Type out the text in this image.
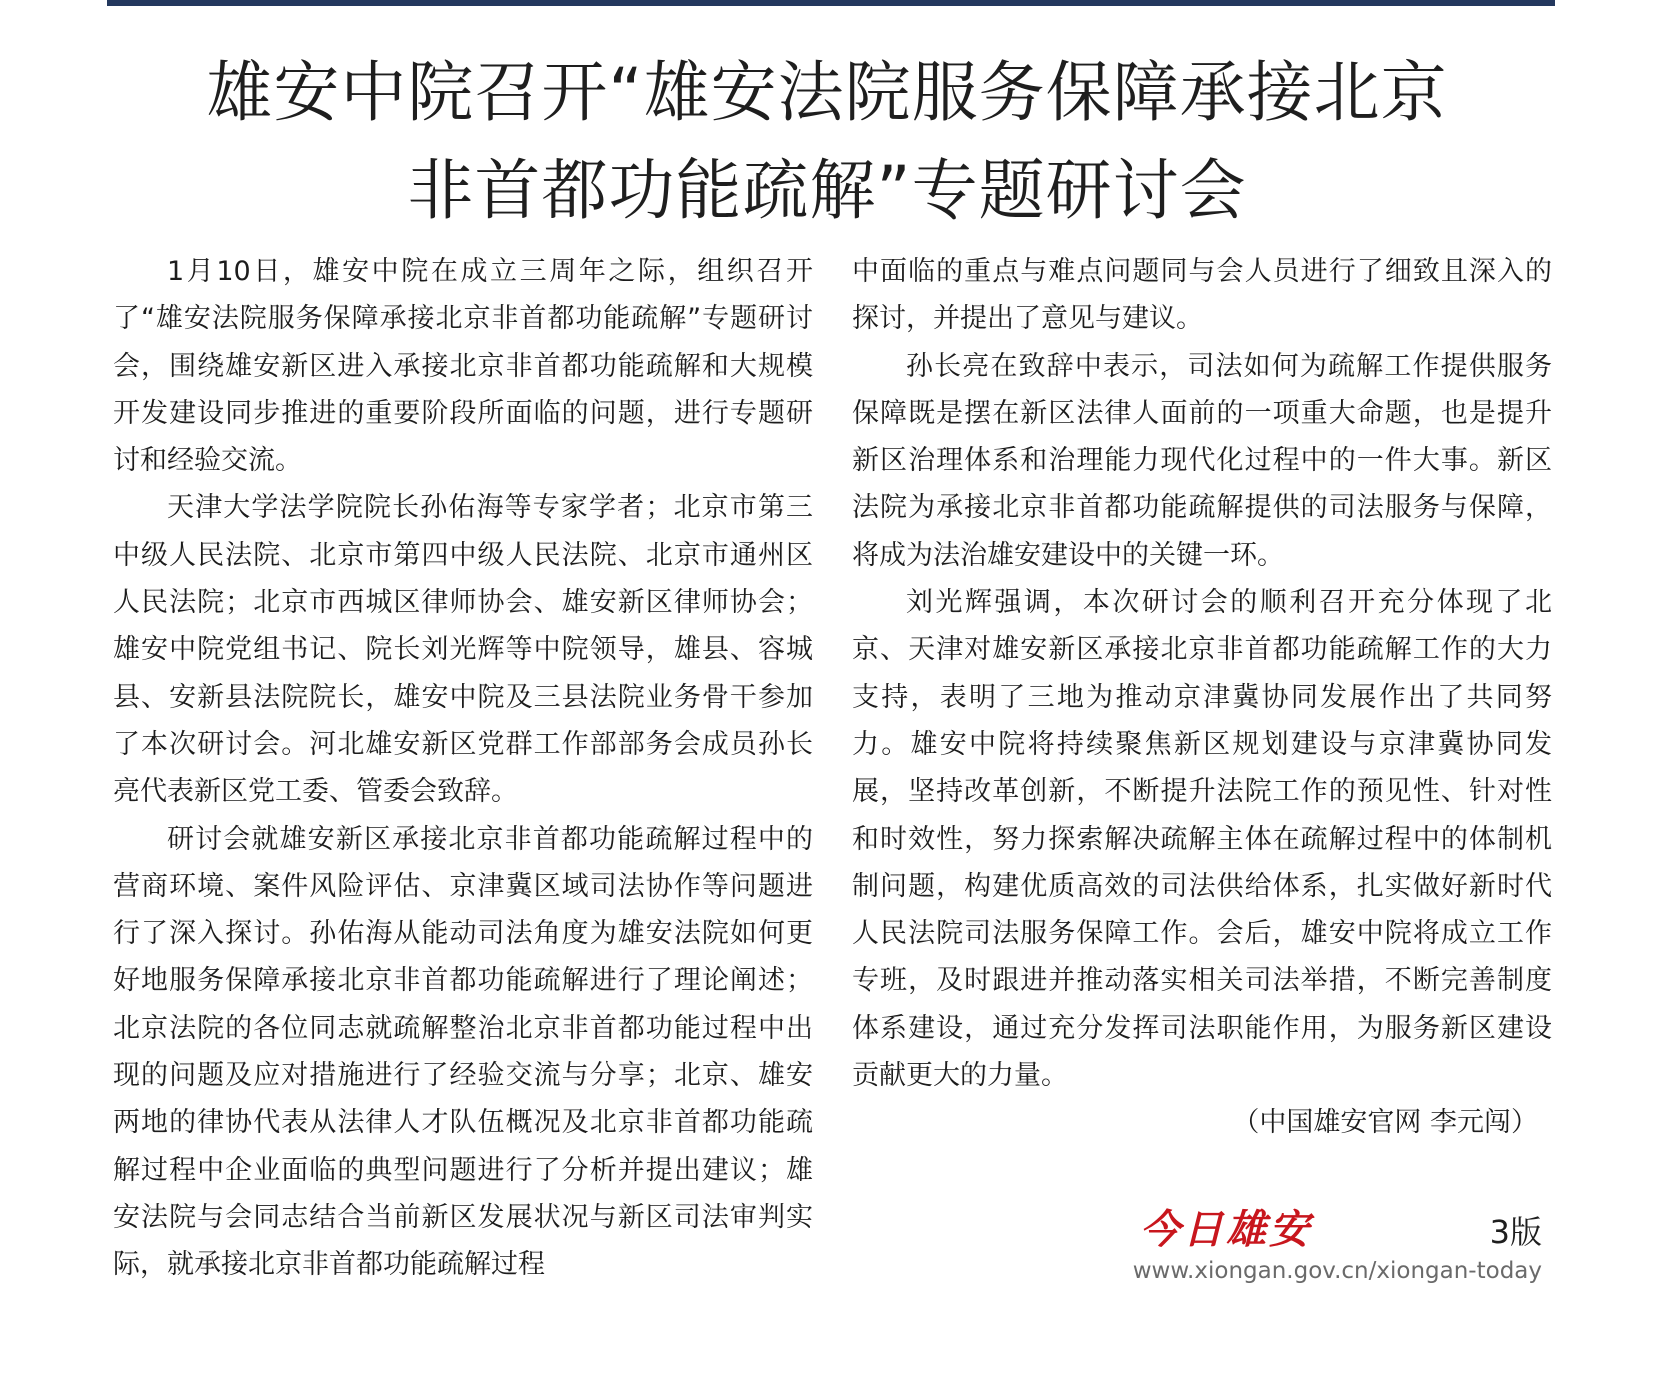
雄安中院召开“雄安法院服务保障承接北京
非首都功能疏解”专题研讨会

1月10日，雄安中院在成立三周年之际，组织召开了“雄安法院服务保障承接北京非首都功能疏解”专题研讨会，围绕雄安新区进入承接北京非首都功能疏解和大规模开发建设同步推进的重要阶段所面临的问题，进行专题研讨和经验交流。

天津大学法学院院长孙佑海等专家学者；北京市第三中级人民法院、北京市第四中级人民法院、北京市通州区人民法院；北京市西城区律师协会、雄安新区律师协会；雄安中院党组书记、院长刘光辉等中院领导，雄县、容城县、安新县法院院长，雄安中院及三县法院业务骨干参加了本次研讨会。河北雄安新区党群工作部部务会成员孙长亮代表新区党工委、管委会致辞。

研讨会就雄安新区承接北京非首都功能疏解过程中的营商环境、案件风险评估、京津冀区域司法协作等问题进行了深入探讨。孙佑海从能动司法角度为雄安法院如何更好地服务保障承接北京非首都功能疏解进行了理论阐述；北京法院的各位同志就疏解整治北京非首都功能过程中出现的问题及应对措施进行了经验交流与分享；北京、雄安两地的律协代表从法律人才队伍概况及北京非首都功能疏解过程中企业面临的典型问题进行了分析并提出建议；雄安法院与会同志结合当前新区发展状况与新区司法审判实际，就承接北京非首都功能疏解过程

中面临的重点与难点问题同与会人员进行了细致且深入的探讨，并提出了意见与建议。

孙长亮在致辞中表示，司法如何为疏解工作提供服务保障既是摆在新区法律人面前的一项重大命题，也是提升新区治理体系和治理能力现代化过程中的一件大事。新区法院为承接北京非首都功能疏解提供的司法服务与保障，将成为法治雄安建设中的关键一环。

刘光辉强调，本次研讨会的顺利召开充分体现了北京、天津对雄安新区承接北京非首都功能疏解工作的大力支持，表明了三地为推动京津冀协同发展作出了共同努力。雄安中院将持续聚焦新区规划建设与京津冀协同发展，坚持改革创新，不断提升法院工作的预见性、针对性和时效性，努力探索解决疏解主体在疏解过程中的体制机制问题，构建优质高效的司法供给体系，扎实做好新时代人民法院司法服务保障工作。会后，雄安中院将成立工作专班，及时跟进并推动落实相关司法举措，不断完善制度体系建设，通过充分发挥司法职能作用，为服务新区建设贡献更大的力量。

（中国雄安官网 李元闯）

今日雄安	3版
www.xiongan.gov.cn/xiongan-today
